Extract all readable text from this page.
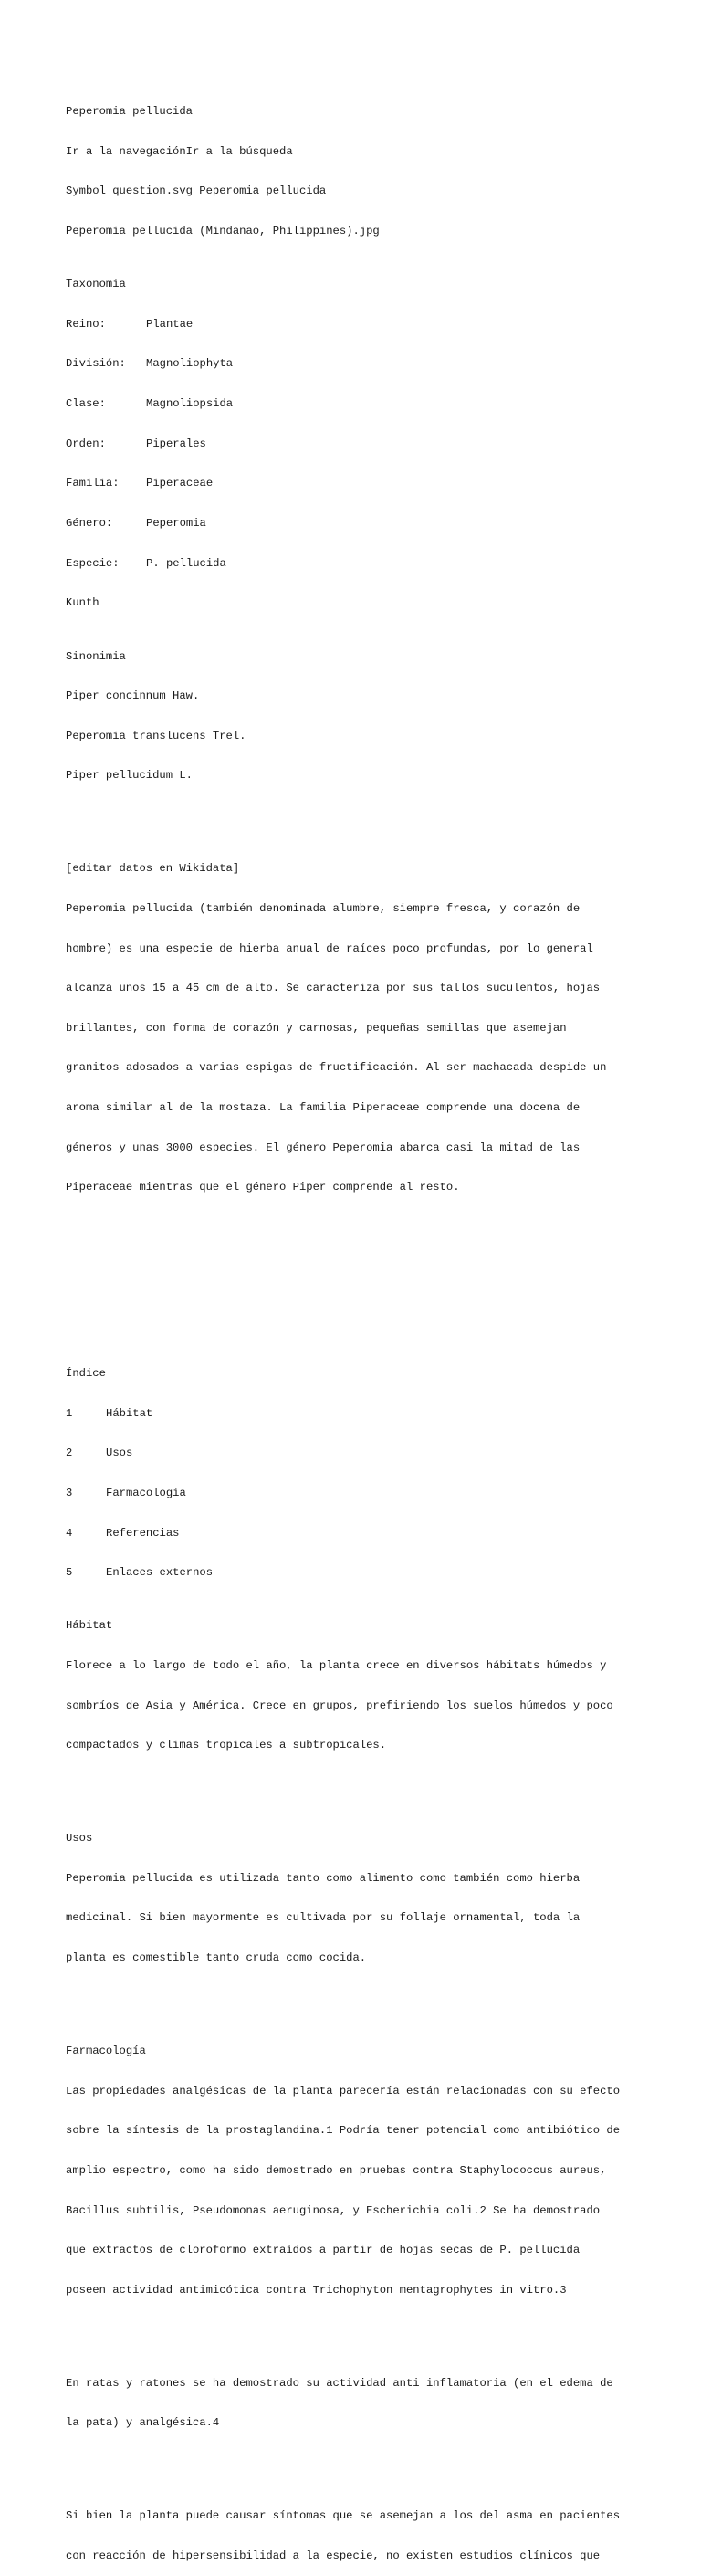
Peperomia pellucida

Ir a la navegaciónIr a la búsqueda

Symbol question.svg Peperomia pellucida

Peperomia pellucida (Mindanao, Philippines).jpg

Taxonomía

Reino:	Plantae

División: Magnoliophyta

Clase:	Magnoliopsida

Orden:	Piperales

Familia: Piperaceae

Género:	Peperomia

Especie: P. pellucida

Kunth

Sinonimia

Piper concinnum Haw.

Peperomia translucens Trel.

Piper pellucidum L.

[editar datos en Wikidata]

Peperomia pellucida (también denominada alumbre, siempre fresca, y corazón de

hombre) es una especie de hierba anual de raíces poco profundas, por lo general

alcanza unos 15 a 45 cm de alto. Se caracteriza por sus tallos suculentos, hojas

brillantes, con forma de corazón y carnosas, pequeñas semillas que asemejan

granitos adosados a varias espigas de fructificación. Al ser machacada despide un

aroma similar al de la mostaza. La familia Piperaceae comprende una docena de

géneros y unas 3000 especies. El género Peperomia abarca casi la mitad de las

Piperaceae mientras que el género Piper comprende al resto.

Índice

1	Hábitat

2	Usos

3	Farmacología

4	Referencias

5	Enlaces externos

Hábitat

Florece a lo largo de todo el año, la planta crece en diversos hábitats húmedos y

sombríos de Asia y América. Crece en grupos, prefiriendo los suelos húmedos y poco

compactados y climas tropicales a subtropicales.

Usos

Peperomia pellucida es utilizada tanto como alimento como también como hierba

medicinal. Si bien mayormente es cultivada por su follaje ornamental, toda la

planta es comestible tanto cruda como cocida.

Farmacología

Las propiedades analgésicas de la planta parecería están relacionadas con su efecto

sobre la síntesis de la prostaglandina.1 Podría tener potencial como antibiótico de

amplio espectro, como ha sido demostrado en pruebas contra Staphylococcus aureus,

Bacillus subtilis, Pseudomonas aeruginosa, y Escherichia coli.2 Se ha demostrado

que extractos de cloroformo extraídos a partir de hojas secas de P. pellucida

poseen actividad antimicótica contra Trichophyton mentagrophytes in vitro.3

En ratas y ratones se ha demostrado su actividad anti inflamatoria (en el edema de

la pata) y analgésica.4

Si bien la planta puede causar síntomas que se asemejan a los del asma en pacientes

con reacción de hipersensibilidad a la especie, no existen estudios clínicos que
